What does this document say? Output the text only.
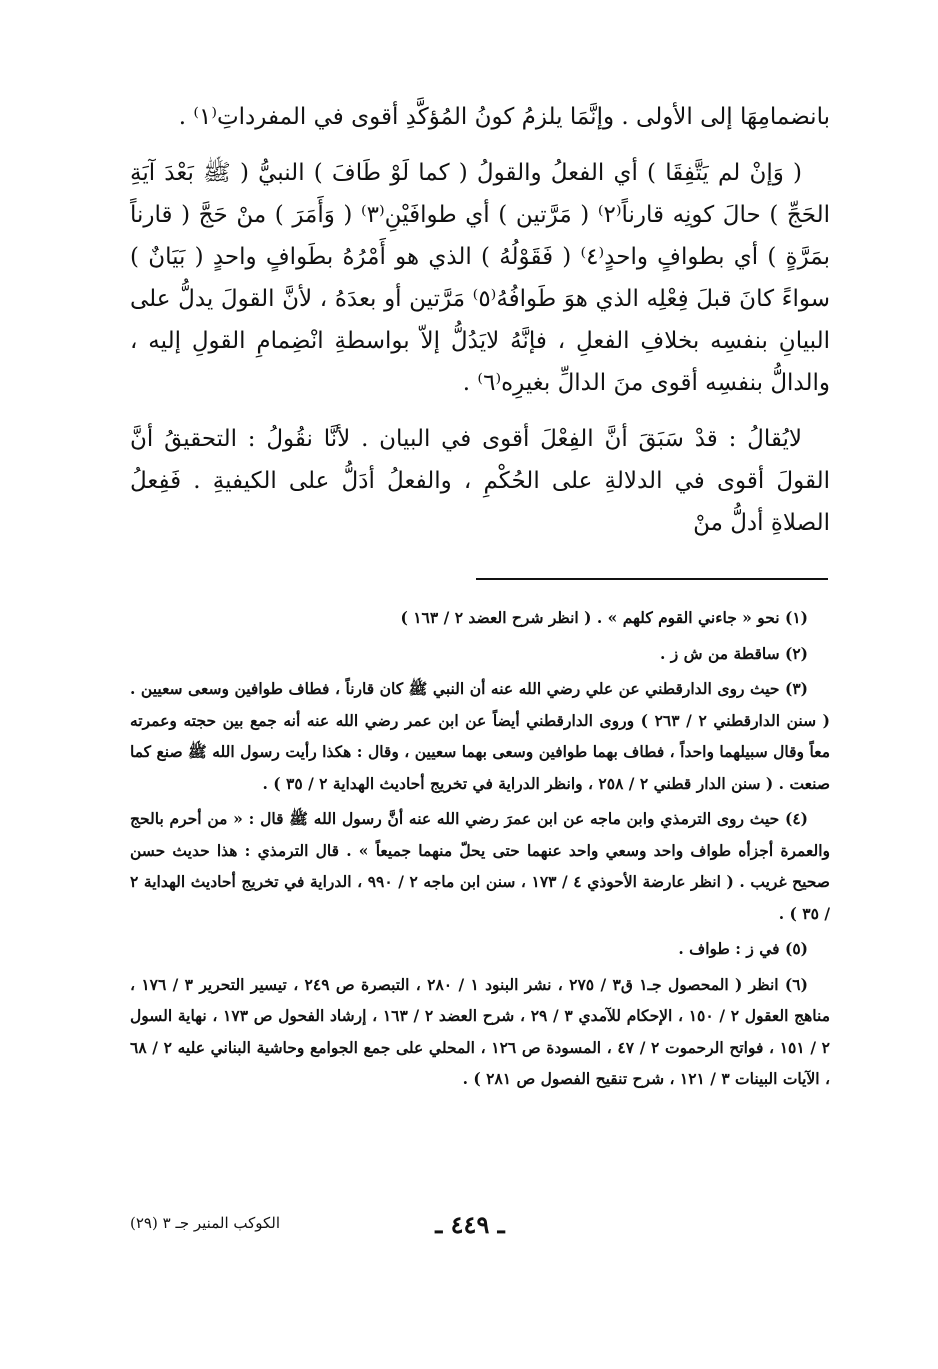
بانضمامِهَا إلى الأولى . وإنَّمَا يلزمُ كونُ المُؤكَّدِ أقوى في المفرداتِ⁽١⁾ .

( وَإنْ لم يَتَّفِقَا ) أي الفعلُ والقولُ ( كما لَوْ طَافَ ) النبيُّ ( ﷺ بَعْدَ آيَةِ الحَجِّ ) حالَ كونِه قارناً⁽٢⁾ ( مَرَّتين ) أي طوافَيْنِ⁽٣⁾ ( وَأَمَرَ ) منْ حَجَّ ( قارناً بمَرَّةٍ ) أي بطوافٍ واحدٍ⁽٤⁾ ( فَقَوْلُهُ ) الذي هو أَمْرُهُ بطَوافٍ واحدٍ ( بَيَانٌ ) سواءً كانَ قبلَ فِعْلِه الذي هوَ طَوافُهُ⁽٥⁾ مَرَّتين أو بعدَهُ ، لأنَّ القولَ يدلُّ على البيانِ بنفسِه بخلافِ الفعلِ ، فإنَّهُ لايَدُلُّ إلاّ بواسطةِ انْضِمامِ القولِ إليه ، والدالُّ بنفسِه أقوى منَ الدالِّ بغيرِه⁽٦⁾ .

لايُقالُ : قدْ سَبَقَ أنَّ الفِعْلَ أقوى في البيان . لأنَّا نقُولُ : التحقيقُ أنَّ القولَ أقوى في الدلالةِ على الحُكْمِ ، والفعلُ أدَلُّ على الكيفيةِ . فَفِعلُ الصلاةِ أدلُّ منْ

(١) نحو « جاءني القوم كلهم » . ( انظر شرح العضد ٢ / ١٦٣ )

(٢) ساقطة من ش ز .

(٣) حيث روى الدارقطني عن علي رضي الله عنه أن النبي ﷺ كان قارناً ، فطاف طوافين وسعى سعيين . ( سنن الدارقطني ٢ / ٢٦٣ ) وروى الدارقطني أيضاً عن ابن عمر رضي الله عنه أنه جمع بين حجته وعمرته معاً وقال سبيلهما واحداً ، فطاف بهما طوافين وسعى بهما سعيين ، وقال : هكذا رأيت رسول الله ﷺ صنع كما صنعت . ( سنن الدار قطني ٢ / ٢٥٨ ، وانظر الدراية في تخريج أحاديث الهداية ٢ / ٣٥ ) .

(٤) حيث روى الترمذي وابن ماجه عن ابن عمرَ رضي الله عنه أنَّ رسول الله ﷺ قال : « من أحرم بالحج والعمرة أجزأه طواف واحد وسعي واحد عنهما حتى يحلّ منهما جميعاً » . قال الترمذي : هذا حديث حسن صحيح غريب . ( انظر عارضة الأحوذي ٤ / ١٧٣ ، سنن ابن ماجه ٢ / ٩٩٠ ، الدراية في تخريج أحاديث الهداية ٢ / ٣٥ ) .

(٥) في ز : طواف .

(٦) انظر ( المحصول جـ١ ق٣ / ٢٧٥ ، نشر البنود ١ / ٢٨٠ ، التبصرة ص ٢٤٩ ، تيسير التحرير ٣ / ١٧٦ ، مناهج العقول ٢ / ١٥٠ ، الإحكام للآمدي ٣ / ٢٩ ، شرح العضد ٢ / ١٦٣ ، إرشاد الفحول ص ١٧٣ ، نهاية السول ٢ / ١٥١ ، فواتح الرحموت ٢ / ٤٧ ، المسودة ص ١٢٦ ، المحلي على جمع الجوامع وحاشية البناني عليه ٢ / ٦٨ ، الآيات البينات ٣ / ١٢١ ، شرح تنقيح الفصول ص ٢٨١ ) .

ـ ٤٤٩ ـ
الكوكب المنير جـ ٣ (٢٩)
